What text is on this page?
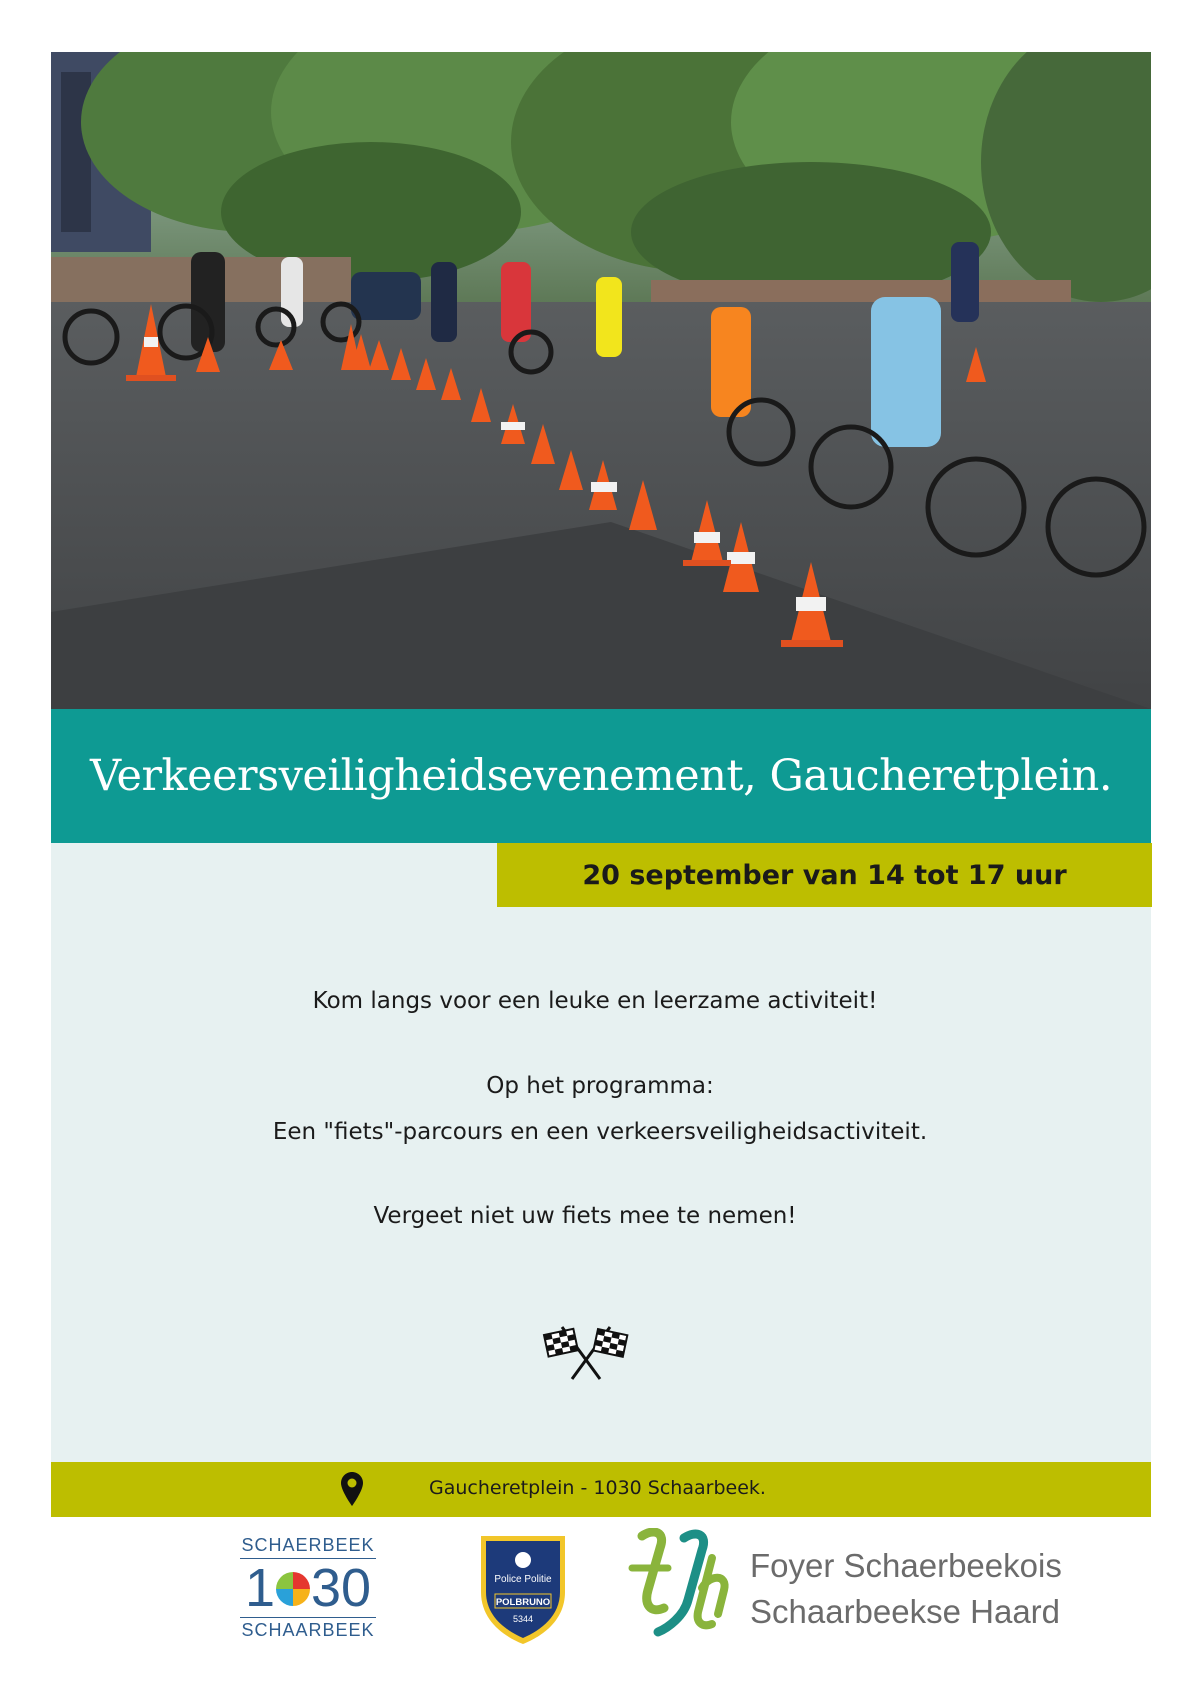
Verkeersveiligheidsevenement, Gaucheretplein.
20 september van 14 tot 17 uur
Kom langs voor een leuke en leerzame activiteit!
Op het programma:
Een "fiets"-parcours en een verkeersveiligheidsactiviteit.
Vergeet niet uw fiets mee te nemen!
Gaucheretplein - 1030 Schaarbeek.
SCHAERBEEK
1 30
SCHAARBEEK
Police Politie
POLBRUNO
5344
Foyer Schaerbeekois
Schaarbeekse Haard
